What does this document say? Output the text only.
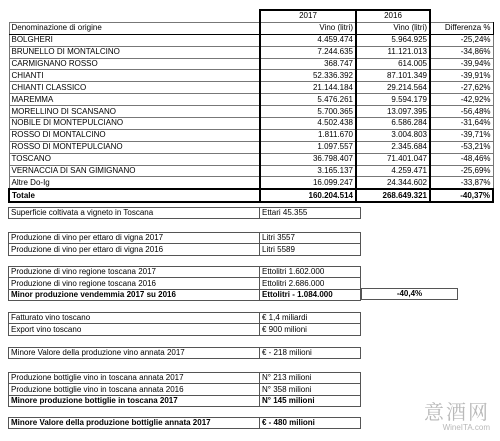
	2017	2016	
Denominazione di origine	Vino (litri)	Vino (litri)	Differenza %
BOLGHERI	4.459.474	5.964.925	-25,24%
BRUNELLO DI MONTALCINO	7.244.635	11.121.013	-34,86%
CARMIGNANO ROSSO	368.747	614.005	-39,94%
CHIANTI	52.336.392	87.101.349	-39,91%
CHIANTI CLASSICO	21.144.184	29.214.564	-27,62%
MAREMMA	5.476.261	9.594.179	-42,92%
MORELLINO DI SCANSANO	5.700.365	13.097.395	-56,48%
NOBILE DI MONTEPULCIANO	4.502.438	6.586.284	-31,64%
ROSSO DI MONTALCINO	1.811.670	3.004.803	-39,71%
ROSSO DI MONTEPULCIANO	1.097.557	2.345.684	-53,21%
TOSCANO	36.798.407	71.401.047	-48,46%
VERNACCIA DI SAN GIMIGNANO	3.165.137	4.259.471	-25,69%
Altre Do-Ig	16.099.247	24.344.602	-33,87%
Totale	160.204.514	268.649.321	-40,37%
Superficie coltivata a vigneto in Toscana	Ettari 45.355
Produzione di vino per ettaro di vigna 2017	Litri 3557
Produzione di vino per ettaro di vigna 2016	Litri 5589
Produzione di vino regione toscana 2017	Ettolitri 1.602.000
Produzione di vino regione toscana 2016	Ettolitri 2.686.000
Minor produzione vendemmia 2017 su 2016	Ettolitri - 1.084.000	-40,4%
Fatturato vino toscano	€ 1,4 miliardi
Export vino toscano	€ 900 milioni
Minore Valore della produzione vino annata 2017	€ - 218 milioni
Produzione bottiglie vino in toscana annata 2017	N° 213 milioni
Produzione bottiglie vino in toscana annata 2016	N° 358 milioni
Minore produzione bottiglie in toscana 2017	N° 145 milioni
Minore Valore della produzione bottiglie annata 2017	€ - 480 milioni	意酒网
WineITA.com
